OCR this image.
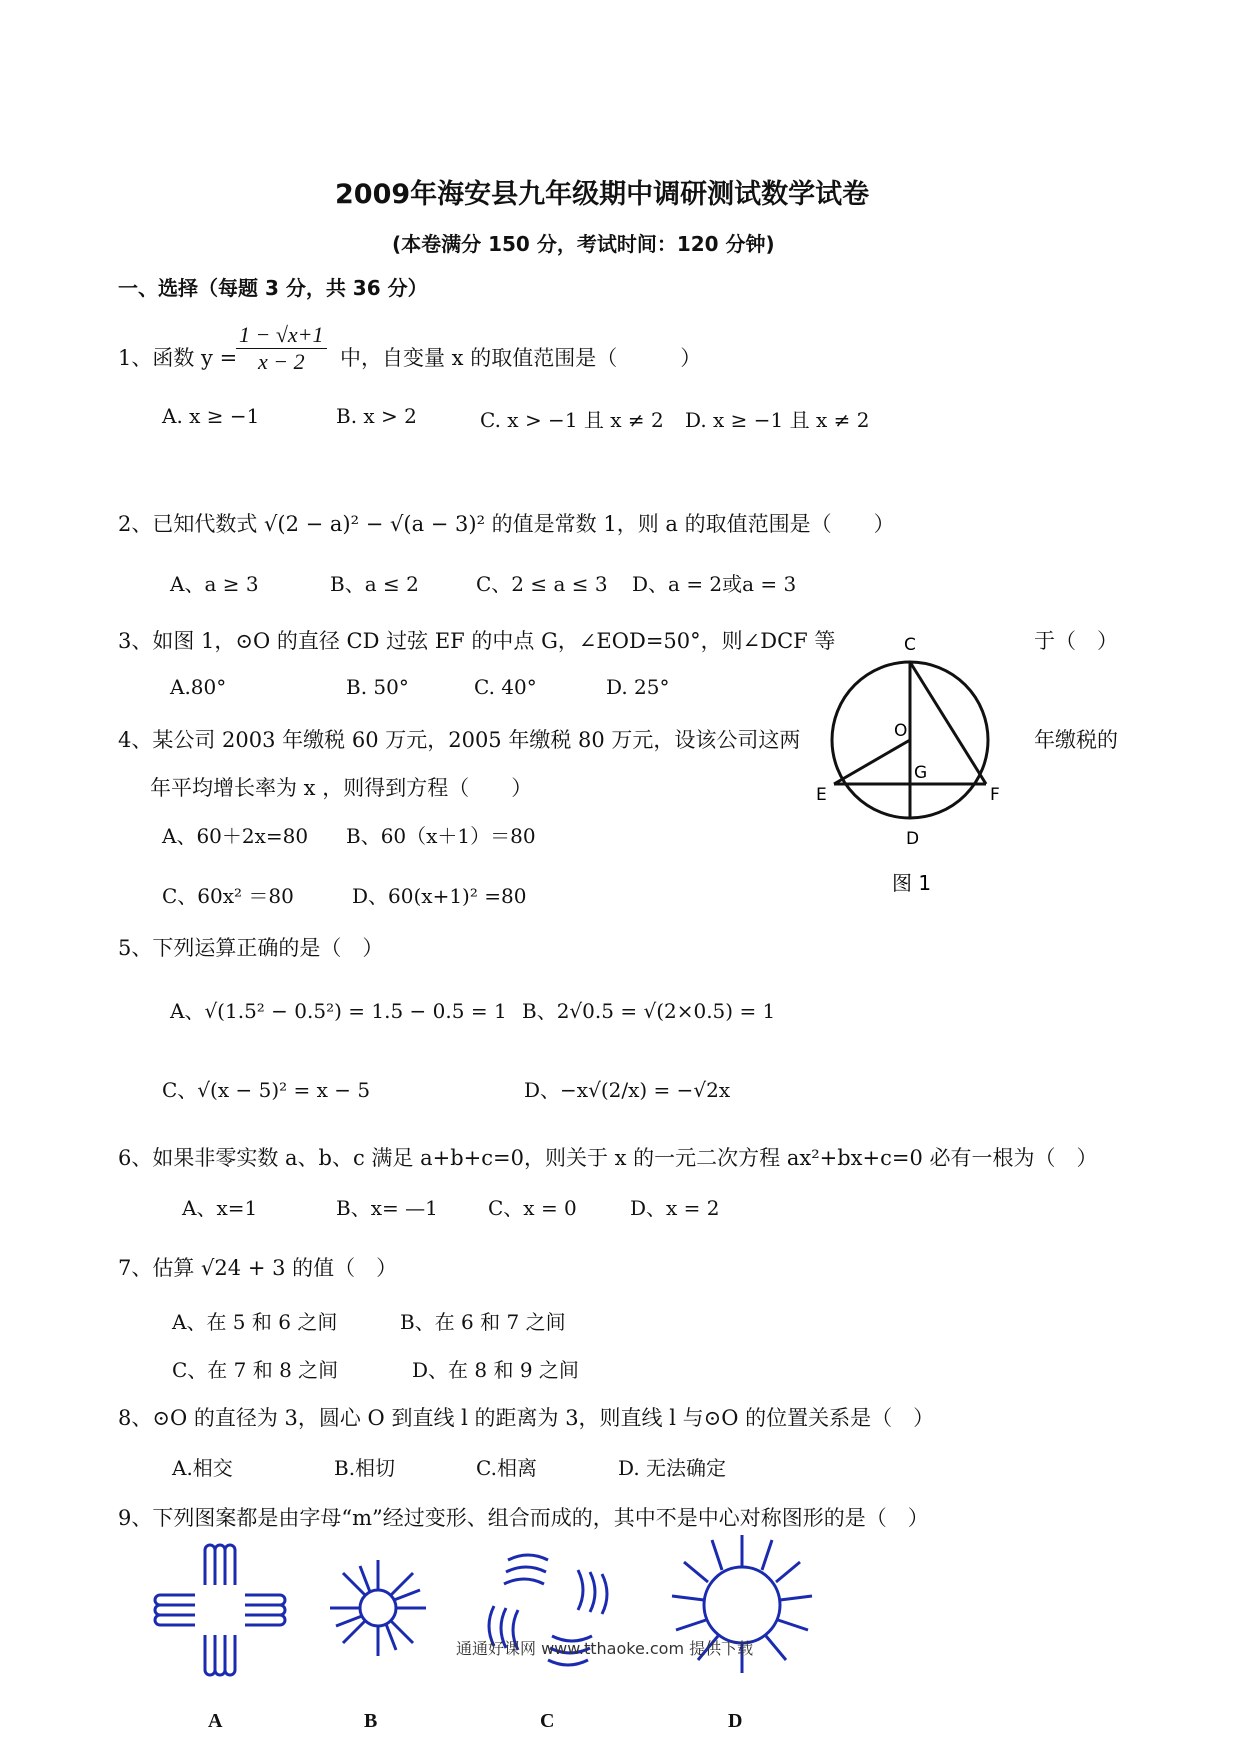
2009年海安县九年级期中调研测试数学试卷
(本卷满分 150 分，考试时间：120 分钟)
一、选择（每题 3 分，共 36 分）
1、函数 y =
$\frac{1 - √x+1}{x - 2}$ 中，自变量 x 的取值范围是（　　　）
A. x ≥ −1	B. x > 2	C. x > −1 且 x ≠ 2 D. x ≥ −1 且 x ≠ 2
2、已知代数式 √(2 − a)² − √(a − 3)² 的值是常数 1，则 a 的取值范围是（　　）
A、a ≥ 3	B、a ≤ 2	C、2 ≤ a ≤ 3 D、a = 2或a = 3
3、如图 1，⊙O 的直径 CD 过弦 EF 的中点 G，∠EOD=50°，则∠DCF 等	于（　）
A.80°	B. 50°	C. 40°	D. 25°
4、某公司 2003 年缴税 60 万元，2005 年缴税 80 万元，设该公司这两	年缴税的
年平均增长率为 x ，则得到方程（　　）
A、60＋2x=80 B、60（x＋1）＝80
C、60x² ＝80	D、60(x+1)² =80
C
O
G
E	F
D
图 1
5、下列运算正确的是（　）
A、√(1.5² − 0.5²) = 1.5 − 0.5 = 1 B、2√0.5 = √(2×0.5) = 1
C、√(x − 5)² = x − 5	D、−x√(2/x) = −√2x
6、如果非零实数 a、b、c 满足 a+b+c=0，则关于 x 的一元二次方程 ax²+bx+c=0 必有一根为（　）
A、x=1	B、x= —1	C、x = 0	D、x = 2
7、估算 √24 + 3 的值（　）
A、在 5 和 6 之间	B、在 6 和 7 之间
C、在 7 和 8 之间	D、在 8 和 9 之间
8、⊙O 的直径为 3，圆心 O 到直线 l 的距离为 3，则直线 l 与⊙O 的位置关系是（　）
A.相交	B.相切	C.相离	D. 无法确定
9、下列图案都是由字母“m”经过变形、组合而成的，其中不是中心对称图形的是（　）
A	B	C	D
通通好课网 www.tthaoke.com 提供下载
